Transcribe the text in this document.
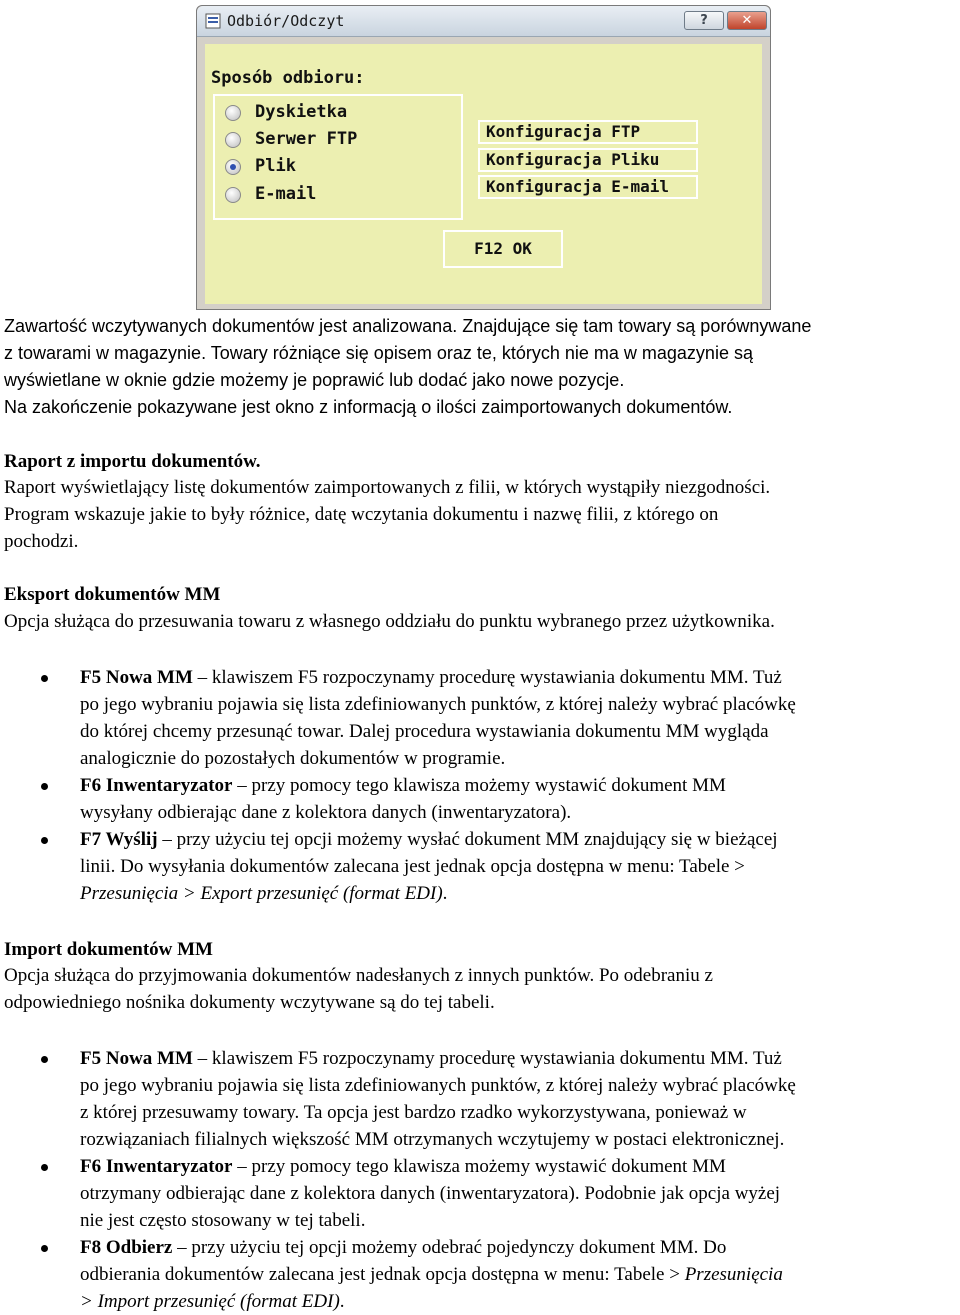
Odbiór/Odczyt	?	✕
Sposób odbioru:
Dyskietka
Serwer FTP
Plik
E-mail
Konfiguracja FTP
Konfiguracja Pliku
Konfiguracja E-mail
F12 OK
Zawartość wczytywanych dokumentów jest analizowana. Znajdujące się tam towary są porównywane
z towarami w magazynie. Towary różniące się opisem oraz te, których nie ma w magazynie są
wyświetlane w oknie gdzie możemy je poprawić lub dodać jako nowe pozycje.
Na zakończenie pokazywane jest okno z informacją o ilości zaimportowanych dokumentów.
Raport z importu dokumentów.
Raport wyświetlający listę dokumentów zaimportowanych z filii, w których wystąpiły niezgodności.
Program wskazuje jakie to były różnice, datę wczytania dokumentu i nazwę filii, z którego on
pochodzi.
Eksport dokumentów MM
Opcja służąca do przesuwania towaru z własnego oddziału do punktu wybranego przez użytkownika.
F5 Nowa MM – klawiszem F5 rozpoczynamy procedurę wystawiania dokumentu MM. Tuż
po jego wybraniu pojawia się lista zdefiniowanych punktów, z której należy wybrać placówkę
do której chcemy przesunąć towar. Dalej procedura wystawiania dokumentu MM wygląda
analogicznie do pozostałych dokumentów w programie.
F6 Inwentaryzator – przy pomocy tego klawisza możemy wystawić dokument MM
wysyłany odbierając dane z kolektora danych (inwentaryzatora).
F7 Wyślij – przy użyciu tej opcji możemy wysłać dokument MM znajdujący się w bieżącej
linii. Do wysyłania dokumentów zalecana jest jednak opcja dostępna w menu: Tabele >
Przesunięcia > Export przesunięć (format EDI).
Import dokumentów MM
Opcja służąca do przyjmowania dokumentów nadesłanych z innych punktów. Po odebraniu z
odpowiedniego nośnika dokumenty wczytywane są do tej tabeli.
F5 Nowa MM – klawiszem F5 rozpoczynamy procedurę wystawiania dokumentu MM. Tuż
po jego wybraniu pojawia się lista zdefiniowanych punktów, z której należy wybrać placówkę
z której przesuwamy towary. Ta opcja jest bardzo rzadko wykorzystywana, ponieważ w
rozwiązaniach filialnych większość MM otrzymanych wczytujemy w postaci elektronicznej.
F6 Inwentaryzator – przy pomocy tego klawisza możemy wystawić dokument MM
otrzymany odbierając dane z kolektora danych (inwentaryzatora). Podobnie jak opcja wyżej
nie jest często stosowany w tej tabeli.
F8 Odbierz – przy użyciu tej opcji możemy odebrać pojedynczy dokument MM. Do
odbierania dokumentów zalecana jest jednak opcja dostępna w menu: Tabele > Przesunięcia
> Import przesunięć (format EDI).
